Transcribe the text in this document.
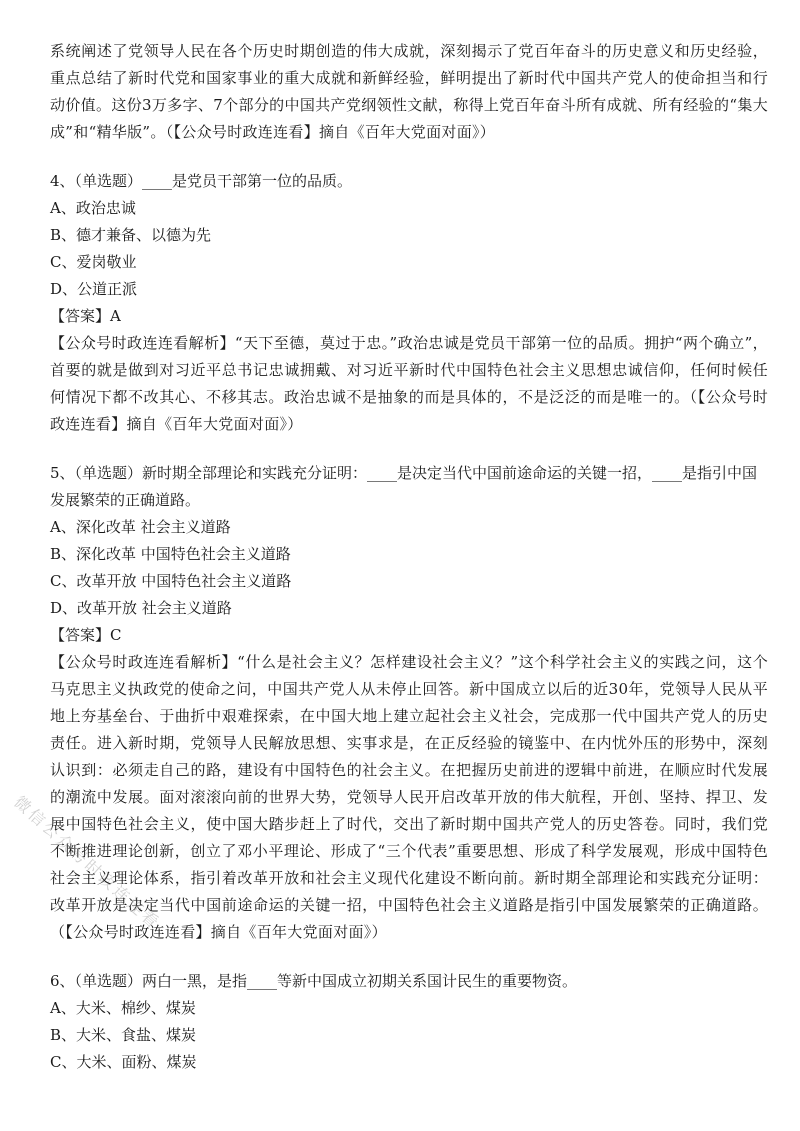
系统阐述了党领导人民在各个历史时期创造的伟大成就，深刻揭示了党百年奋斗的历史意义和历史经验，重点总结了新时代党和国家事业的重大成就和新鲜经验，鲜明提出了新时代中国共产党人的使命担当和行动价值。这份3万多字、7个部分的中国共产党纲领性文献，称得上党百年奋斗所有成就、所有经验的“集大成”和“精华版”。（【公众号时政连连看】摘自《百年大党面对面》）

4、（单选题）____是党员干部第一位的品质。

A、政治忠诚

B、德才兼备、以德为先

C、爱岗敬业

D、公道正派

【答案】A

【公众号时政连连看解析】“天下至德，莫过于忠。”政治忠诚是党员干部第一位的品质。拥护“两个确立”，首要的就是做到对习近平总书记忠诚拥戴、对习近平新时代中国特色社会主义思想忠诚信仰，任何时候任何情况下都不改其心、不移其志。政治忠诚不是抽象的而是具体的，不是泛泛的而是唯一的。（【公众号时政连连看】摘自《百年大党面对面》）

5、（单选题）新时期全部理论和实践充分证明：____是决定当代中国前途命运的关键一招，____是指引中国发展繁荣的正确道路。

A、深化改革 社会主义道路

B、深化改革 中国特色社会主义道路

C、改革开放 中国特色社会主义道路

D、改革开放 社会主义道路

【答案】C

【公众号时政连连看解析】“什么是社会主义？怎样建设社会主义？”这个科学社会主义的实践之问，这个马克思主义执政党的使命之问，中国共产党人从未停止回答。新中国成立以后的近30年，党领导人民从平地上夯基垒台、于曲折中艰难探索，在中国大地上建立起社会主义社会，完成那一代中国共产党人的历史责任。进入新时期，党领导人民解放思想、实事求是，在正反经验的镜鉴中、在内忧外压的形势中，深刻认识到：必须走自己的路，建设有中国特色的社会主义。在把握历史前进的逻辑中前进，在顺应时代发展的潮流中发展。面对滚滚向前的世界大势，党领导人民开启改革开放的伟大航程，开创、坚持、捍卫、发展中国特色社会主义，使中国大踏步赶上了时代，交出了新时期中国共产党人的历史答卷。同时，我们党不断推进理论创新，创立了邓小平理论、形成了“三个代表”重要思想、形成了科学发展观，形成中国特色社会主义理论体系，指引着改革开放和社会主义现代化建设不断向前。新时期全部理论和实践充分证明：改革开放是决定当代中国前途命运的关键一招，中国特色社会主义道路是指引中国发展繁荣的正确道路。（【公众号时政连连看】摘自《百年大党面对面》）

6、（单选题）两白一黑，是指____等新中国成立初期关系国计民生的重要物资。

A、大米、棉纱、煤炭

B、大米、食盐、煤炭

C、大米、面粉、煤炭

微信公众号时政连连看
